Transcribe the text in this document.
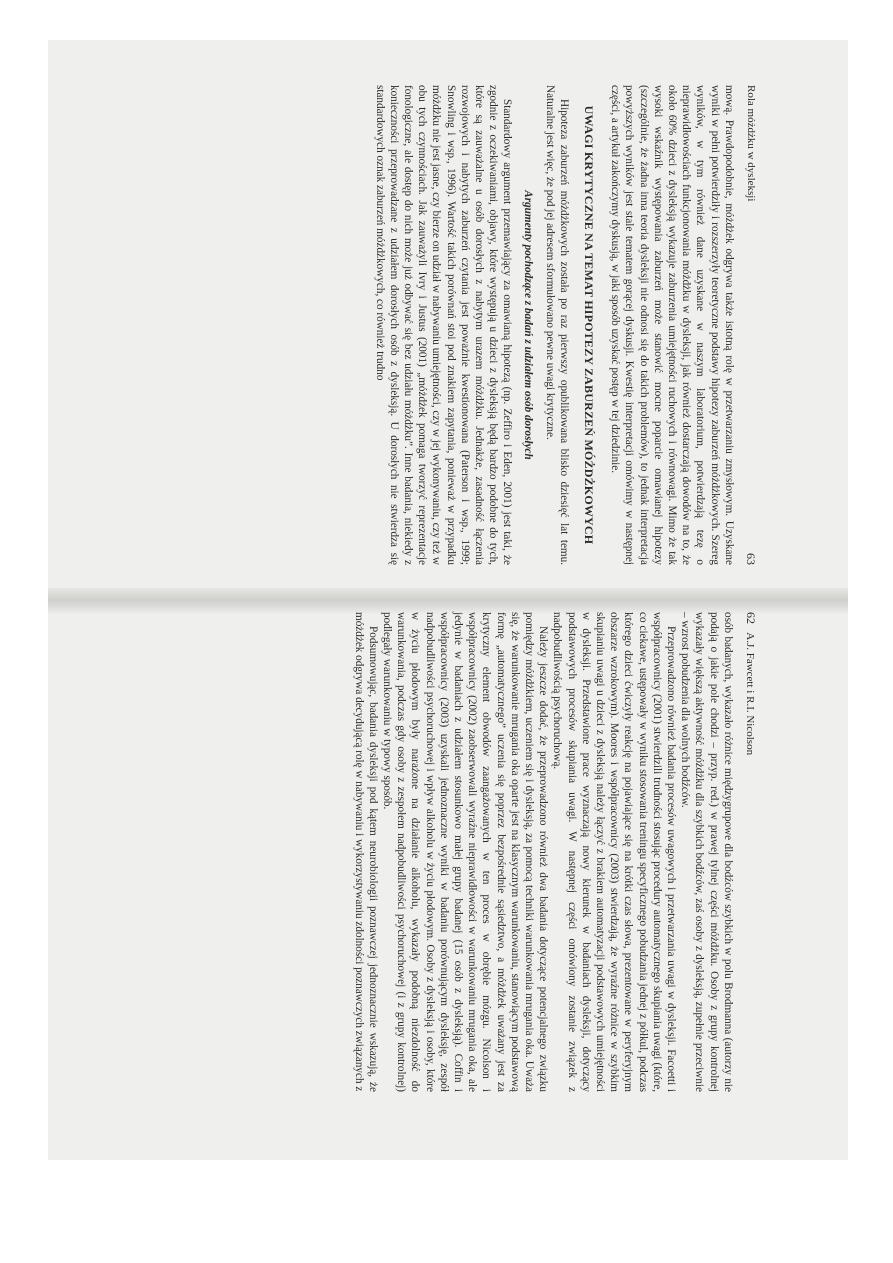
Rola móżdżku w dysleksji
63

mową. Prawdopodobnie, móżdżek odgrywa także istotną rolę w przetwarzaniu zmysłowym. Uzyskane wyniki w pełni potwierdziły i rozszerzyły teoretyczne podstawy hipotezy zaburzeń móżdżkowych. Szereg wyników, w tym również dane uzyskane w naszym laboratorium, potwierdzają tezę o nieprawidłowościach funkcjonowania móżdżku w dysleksji, jak również dostarczają dowodów na to, że około 60% dzieci z dysleksją wykazuje zaburzenia umiejętności ruchowych i równowagi. Mimo że tak wysoki wskaźnik występowania zaburzeń może stanowić mocne poparcie omawianej hipotezy (szczególnie, że żadna inna teoria dysleksji nie odnosi się do takich problemów), to jednak interpretacja powyższych wyników jest stale tematem gorącej dyskusji. Kwestię interpretacji omówimy w następnej części, a artykuł zakończymy dyskusją, w jaki sposób uzyskać postęp w tej dziedzinie.

UWAGI KRYTYCZNE NA TEMAT HIPOTEZY ZABURZEŃ MÓŻDŻKOWYCH

Hipoteza zaburzeń móżdżkowych została po raz pierwszy opublikowana blisko dziesięć lat temu. Naturalne jest więc, że pod jej adresem sformułowano pewne uwagi krytyczne.

Argumenty pochodzące z badań z udziałem osób dorosłych

Standardowy argument przemawiający za omawianą hipotezą (np. Zeffiro i Eden, 2001) jest taki, że zgodnie z oczekiwaniami, objawy, które występują u dzieci z dysleksją będą bardzo podobne do tych, które są zauważalne u osób dorosłych z nabytym urazem móżdżku. Jednakże, zasadność łączenia rozwojowych i nabytych zaburzeń czytania jest poważnie kwestionowana (Paterson i wsp., 1999; Snowling i wsp., 1996). Wartość takich porównań stoi pod znakiem zapytania, ponieważ w przypadku móżdżku nie jest jasne, czy bierze on udział w nabywaniu umiejętności, czy w jej wykonywaniu, czy też w obu tych czynnościach. Jak zauważyli Ivry i Justus (2001) „móżdżek pomaga tworzyć reprezentacje fonologiczne, ale dostęp do nich może już odbywać się bez udziału móżdżku”. Inne badania, niekiedy z konieczności przeprowadzane z udziałem dorosłych osób z dysleksją. U dorosłych nie stwierdza się standardowych oznak zaburzeń móżdżkowych, co również trudno

62   A.J. Fawcett i R.I. Nicolson

osób badanych, wykazało różnice międzygrupowe dla bodźców szybkich w polu Brodmanna (autorzy nie podają o jakie pole chodzi – przyp. red.) w prawej tylnej części móżdżku. Osoby z grupy kontrolnej wykazały większą aktywność móżdżku dla szybkich bodźców, zaś osoby z dysleksją, zupełnie przeciwnie – wzrost pobudzenia dla wolnych bodźców.

Przeprowadzono również badania procesów uwagowych i przetwarzania uwagi w dysleksji. Facoetti i współpracownicy (2001) stwierdzili trudności stosując procedury automatycznego skupiania uwagi (które, co ciekawe, ustępowały w wyniku stosowania treningu specyficznego pobudzania jednej z półkul, podczas którego dzieci ćwiczyły reakcję na pojawiające się na krótki czas słowa, prezentowane w peryferyjnym obszarze wzrokowym). Moores i współpracownicy (2003) stwierdzają, że wyraźne różnice w szybkim skupianiu uwagi u dzieci z dysleksją należy łączyć z brakiem automatyzacji podstawowych umiejętności w dysleksji. Przedstawione prace wyznaczają nowy kierunek w badaniach dysleksji, dotyczący podstawowych procesów skupiania uwagi. W następnej części omówiony zostanie związek z nadpobudliwością psychoruchową.

Należy jeszcze dodać, że przeprowadzono również dwa badania dotyczące potencjalnego związku pomiędzy móżdżkiem, uczeniem się i dysleksją, za pomocą techniki warunkowania mrugania oka. Uważa się, że warunkowanie mrugania oka oparte jest na klasycznym warunkowaniu, stanowiącym podstawową formę „automatycznego” uczenia się poprzez bezpośrednie sąsiedztwo, a móżdżek uważany jest za krytyczny element obwodów zaangażowanych w ten proces w obrębie mózgu. Nicolson i współpracownicy (2002) zaobserwowali wyraźne nieprawidłowości w warunkowaniu mrugania oka, ale jedynie w badaniach z udziałem stosunkowo małej grupy badanej (15 osób z dysleksją). Coffin i współpracownicy (2003) uzyskali jednoznaczne wyniki w badaniu porównującym dysleksję, zespół nadpobudliwości psychoruchowej i wpływ alkoholu w życiu płodowym. Osoby z dysleksją i osoby, które w życiu płodowym były narażone na działanie alkoholu, wykazały podobną niezdolność do warunkowania, podczas gdy osoby z zespołem nadpobudliwości psychoruchowej (i z grupy kontrolnej) podlegały warunkowaniu w typowy sposób.

Podsumowując, badania dysleksji pod kątem neurobiologii poznawczej jednoznacznie wskazują, że móżdżek odgrywa decydującą rolę w nabywaniu i wykorzystywaniu zdolności poznawczych związanych z
